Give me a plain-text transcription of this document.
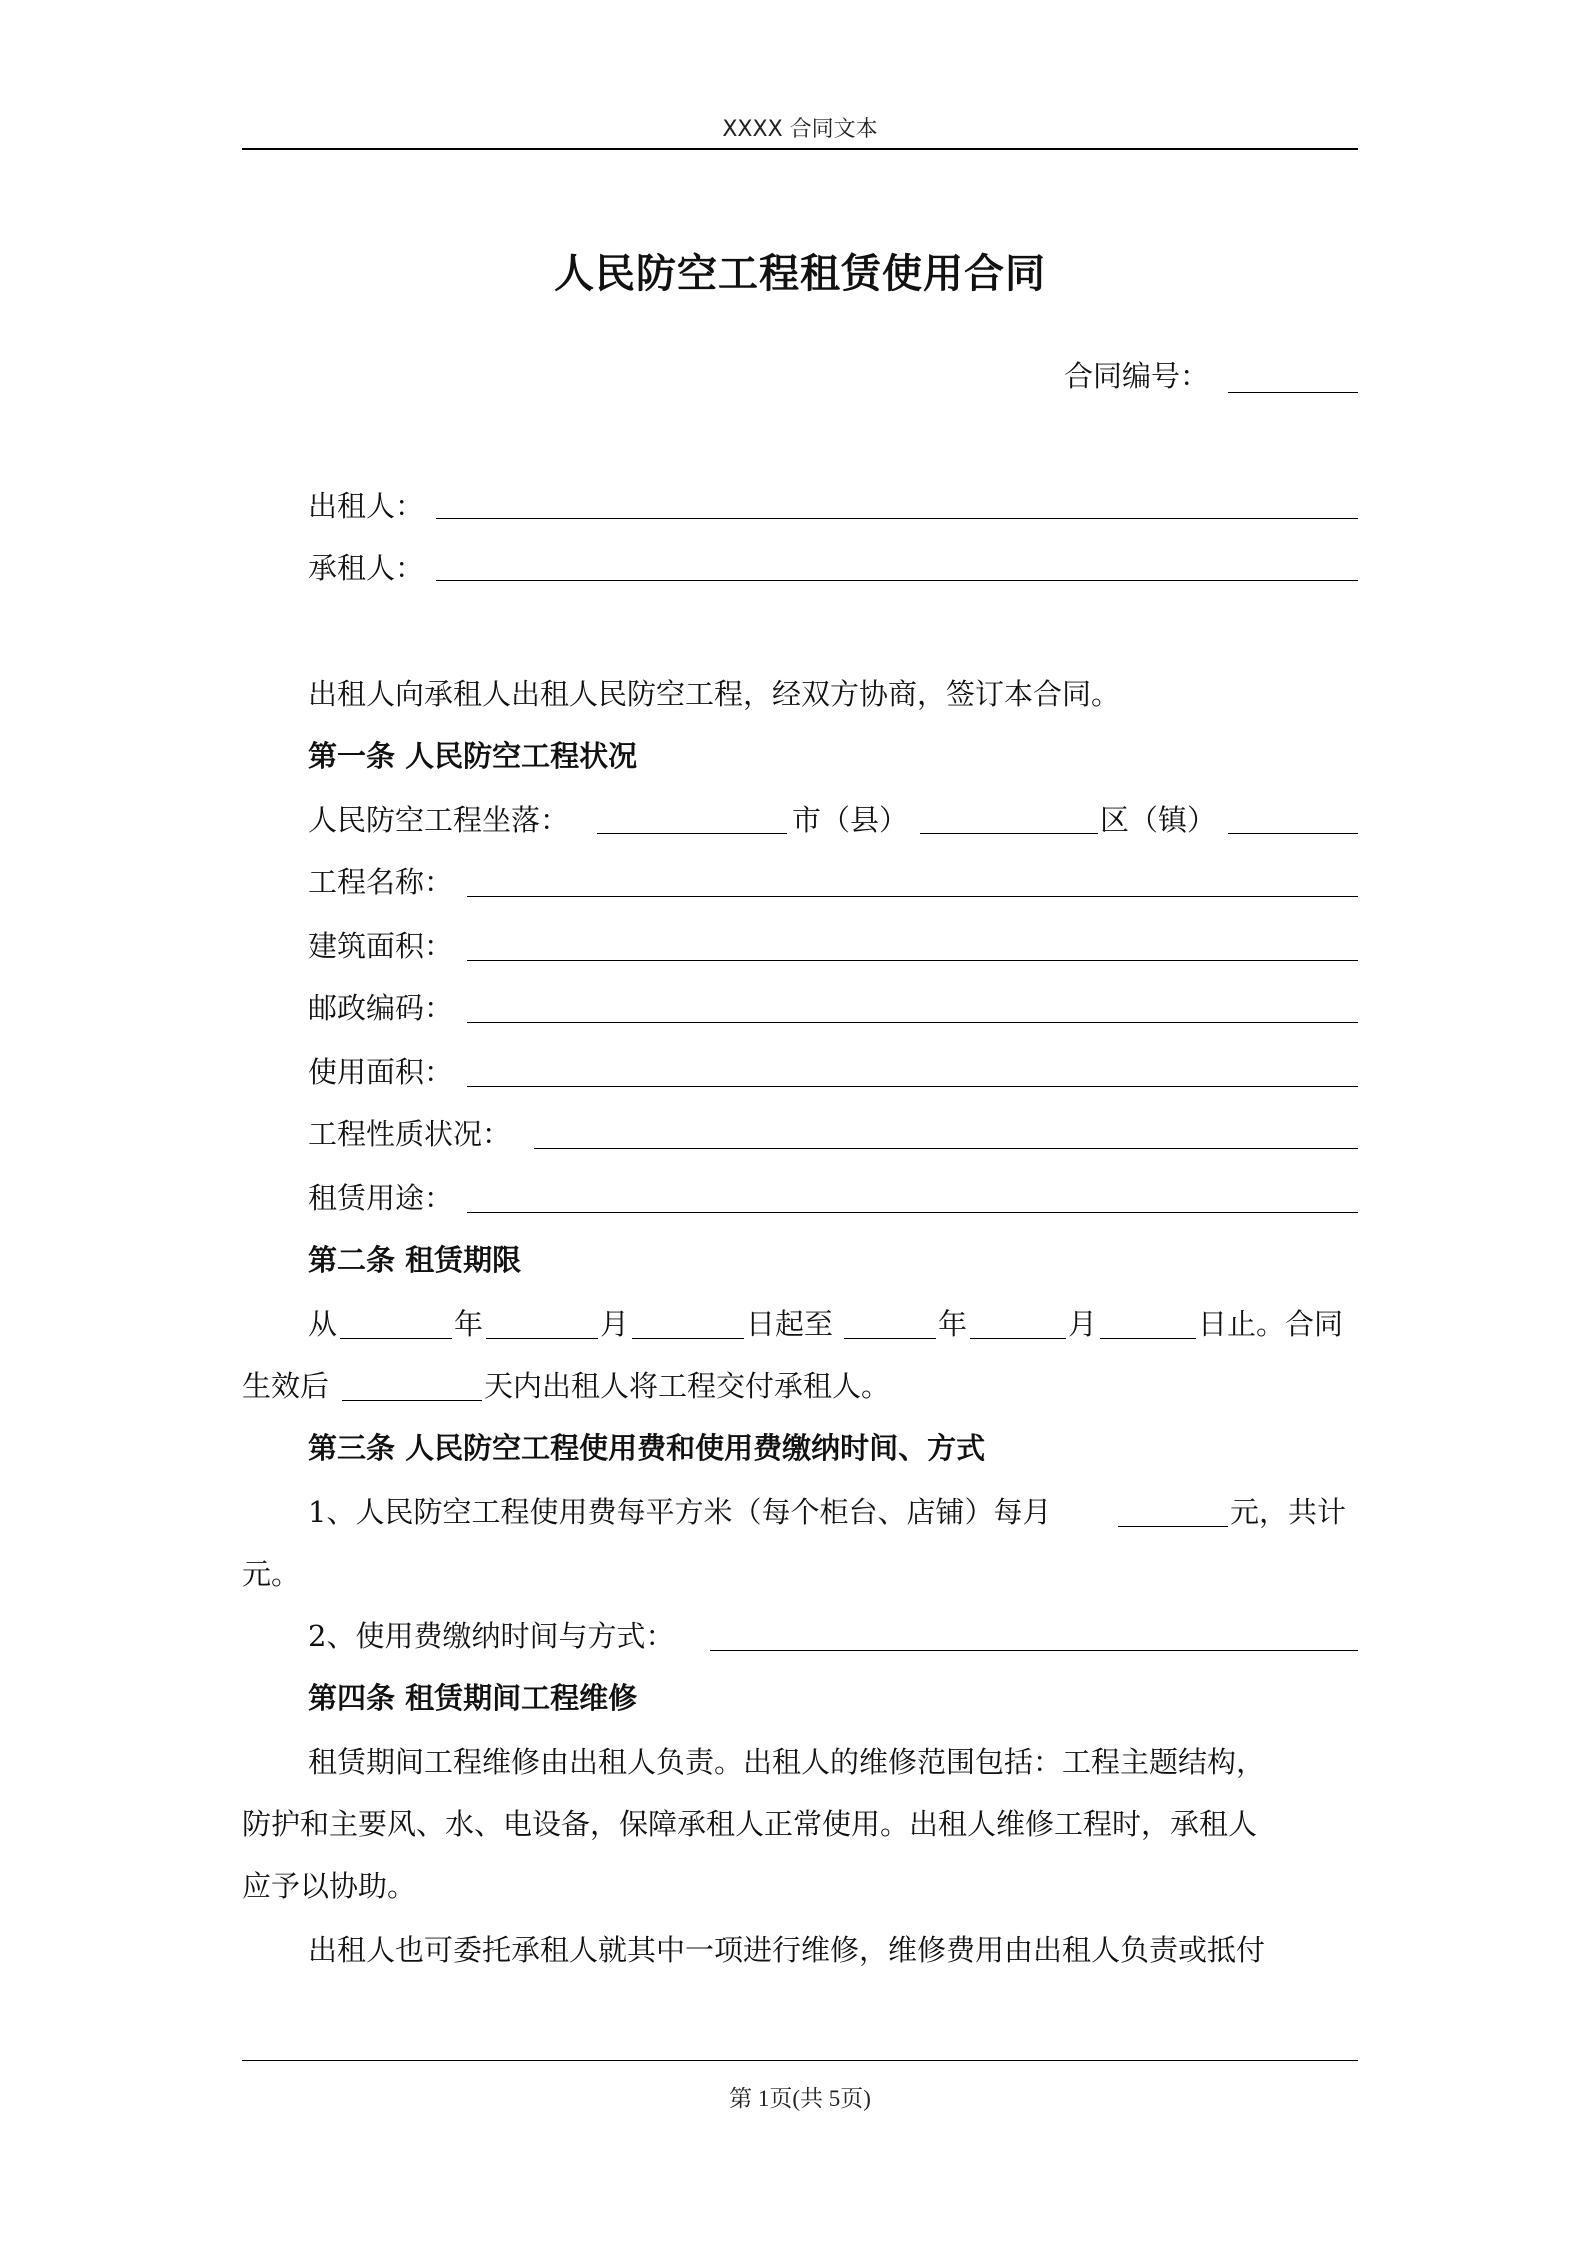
XXXX 合同文本
人民防空工程租赁使用合同
合同编号：
出租人：
承租人：
出租人向承租人出租人民防空工程，经双方协商，签订本合同。
第一条 人民防空工程状况
人民防空工程坐落：	市（县）	区（镇）
工程名称：
建筑面积：
邮政编码：
使用面积：
工程性质状况：
租赁用途：
第二条 租赁期限
从	年	月	日起至	年	月	日止。合同
生效后	天内出租人将工程交付承租人。
第三条 人民防空工程使用费和使用费缴纳时间、方式
1、人民防空工程使用费每平方米（每个柜台、店铺）每月	元，共计
元。
2、使用费缴纳时间与方式：
第四条 租赁期间工程维修
租赁期间工程维修由出租人负责。出租人的维修范围包括：工程主题结构，
防护和主要风、水、电设备，保障承租人正常使用。出租人维修工程时，承租人
应予以协助。
出租人也可委托承租人就其中一项进行维修，维修费用由出租人负责或抵付
第 1页(共 5页)
